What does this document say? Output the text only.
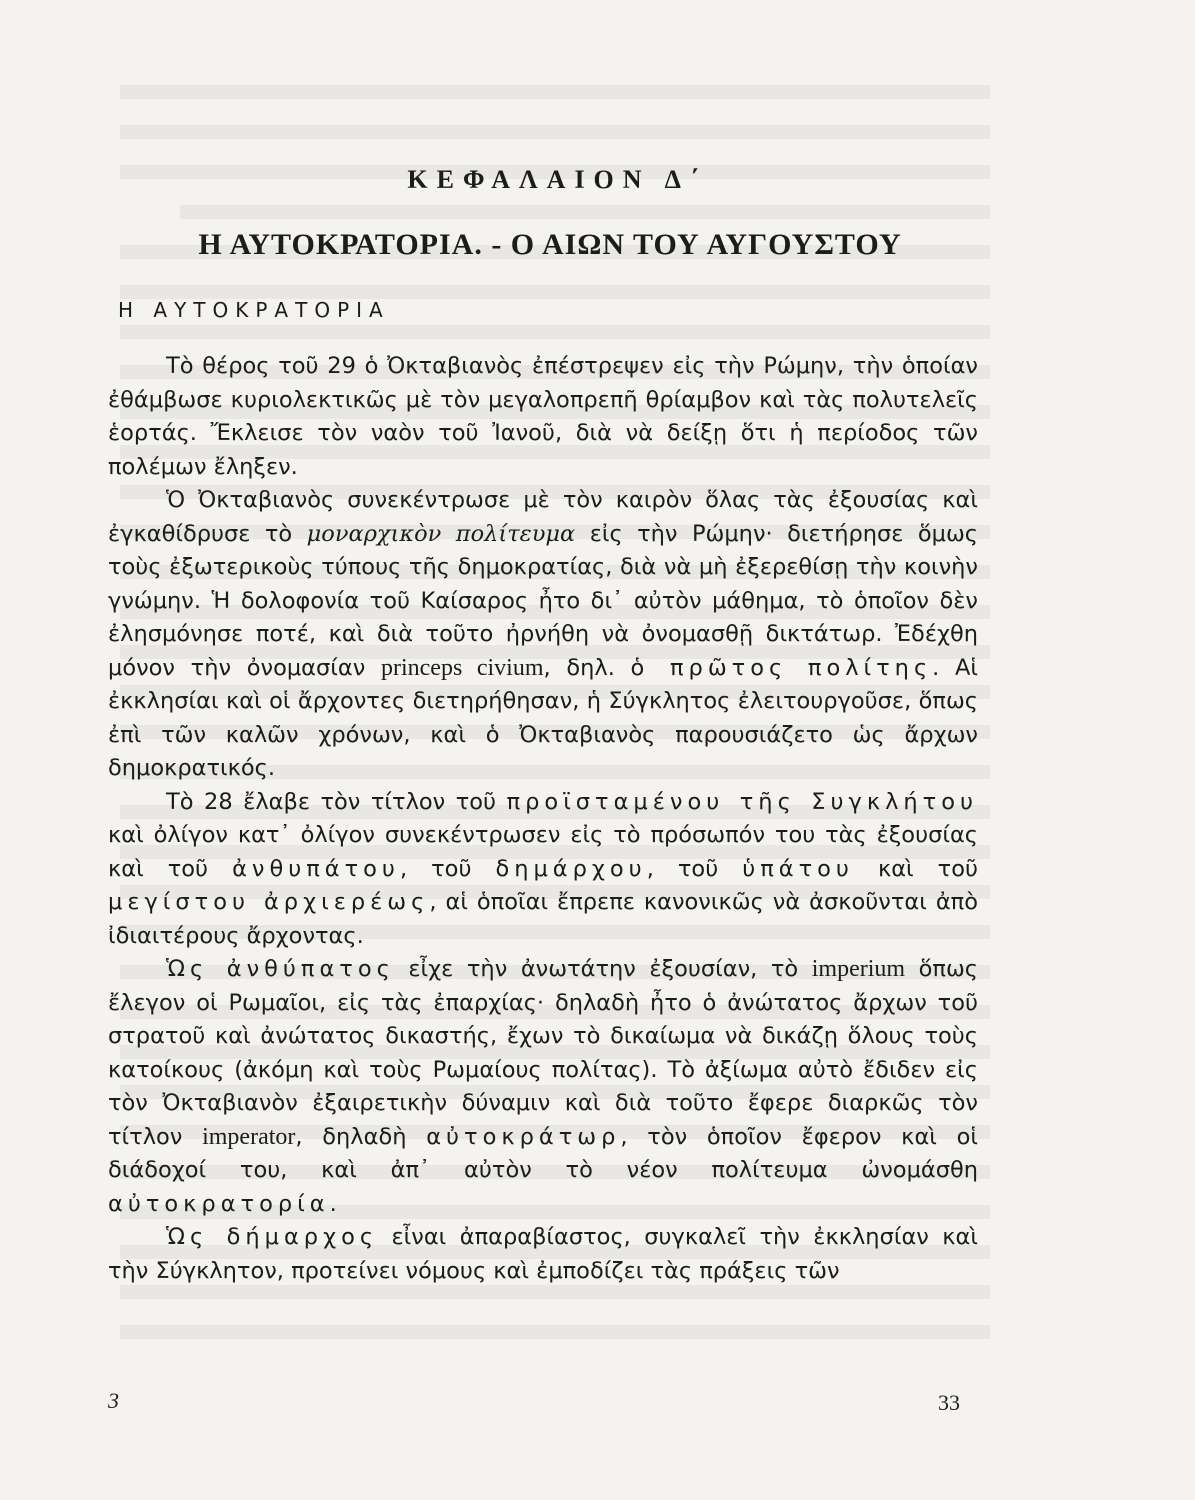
ΚΕΦΑΛΑΙΟΝ Δ΄
Η ΑΥΤΟΚΡΑΤΟΡΙΑ. - Ο ΑΙΩΝ ΤΟΥ ΑΥΓΟΥΣΤΟΥ
Η ΑΥΤΟΚΡΑΤΟΡΙΑ

Τὸ θέρος τοῦ 29 ὁ Ὀκταβιανὸς ἐπέστρεψεν εἰς τὴν Ρώμην, τὴν ὁποίαν ἐθάμβωσε κυριολεκτικῶς μὲ τὸν μεγαλοπρεπῆ θρίαμβον καὶ τὰς πολυτελεῖς ἑορτάς. Ἔκλεισε τὸν ναὸν τοῦ Ἰανοῦ, διὰ νὰ δείξῃ ὅτι ἡ περίοδος τῶν πολέμων ἔληξεν.

Ὁ Ὀκταβιανὸς συνεκέντρωσε μὲ τὸν καιρὸν ὅλας τὰς ἐξουσίας καὶ ἐγκαθίδρυσε τὸ μοναρχικὸν πολίτευμα εἰς τὴν Ρώμην· διετήρησε ὅμως τοὺς ἐξωτερικοὺς τύπους τῆς δημοκρατίας, διὰ νὰ μὴ ἐξερεθίσῃ τὴν κοινὴν γνώμην. Ἡ δολοφονία τοῦ Καίσαρος ἦτο δι᾽ αὐτὸν μάθημα, τὸ ὁποῖον δὲν ἐλησμόνησε ποτέ, καὶ διὰ τοῦτο ἠρνήθη νὰ ὀνομασθῇ δικτάτωρ. Ἐδέχθη μόνον τὴν ὀνομασίαν princeps civium, δηλ. ὁ πρῶτος πολίτης. Αἱ ἐκκλησίαι καὶ οἱ ἄρχοντες διετηρήθησαν, ἡ Σύγκλητος ἐλειτουργοῦσε, ὅπως ἐπὶ τῶν καλῶν χρόνων, καὶ ὁ Ὀκταβιανὸς παρουσιάζετο ὡς ἄρχων δημοκρατικός.

Τὸ 28 ἔλαβε τὸν τίτλον τοῦ προϊσταμένου τῆς Συγκλήτου καὶ ὀλίγον κατ᾽ ὀλίγον συνεκέντρωσεν εἰς τὸ πρόσωπόν του τὰς ἐξουσίας καὶ τοῦ ἀνθυπάτου, τοῦ δημάρχου, τοῦ ὑπάτου καὶ τοῦ μεγίστου ἀρχιερέως, αἱ ὁποῖαι ἔπρεπε κανονικῶς νὰ ἀσκοῦνται ἀπὸ ἰδιαιτέρους ἄρχοντας.

Ὡς ἀνθύπατος εἶχε τὴν ἀνωτάτην ἐξουσίαν, τὸ imperium ὅπως ἔλεγον οἱ Ρωμαῖοι, εἰς τὰς ἐπαρχίας· δηλαδὴ ἦτο ὁ ἀνώτατος ἄρχων τοῦ στρατοῦ καὶ ἀνώτατος δικαστής, ἔχων τὸ δικαίωμα νὰ δικάζῃ ὅλους τοὺς κατοίκους (ἀκόμη καὶ τοὺς Ρωμαίους πολίτας). Τὸ ἀξίωμα αὐτὸ ἔδιδεν εἰς τὸν Ὀκταβιανὸν ἐξαιρετικὴν δύναμιν καὶ διὰ τοῦτο ἔφερε διαρκῶς τὸν τίτλον imperator, δηλαδὴ αὐτοκράτωρ, τὸν ὁποῖον ἔφερον καὶ οἱ διάδοχοί του, καὶ ἀπ᾽ αὐτὸν τὸ νέον πολίτευμα ὠνομάσθη αὐτοκρατορία.

Ὡς δήμαρχος εἶναι ἀπαραβίαστος, συγκαλεῖ τὴν ἐκκλησίαν καὶ τὴν Σύγκλητον, προτείνει νόμους καὶ ἐμποδίζει τὰς πράξεις τῶν

3	33
